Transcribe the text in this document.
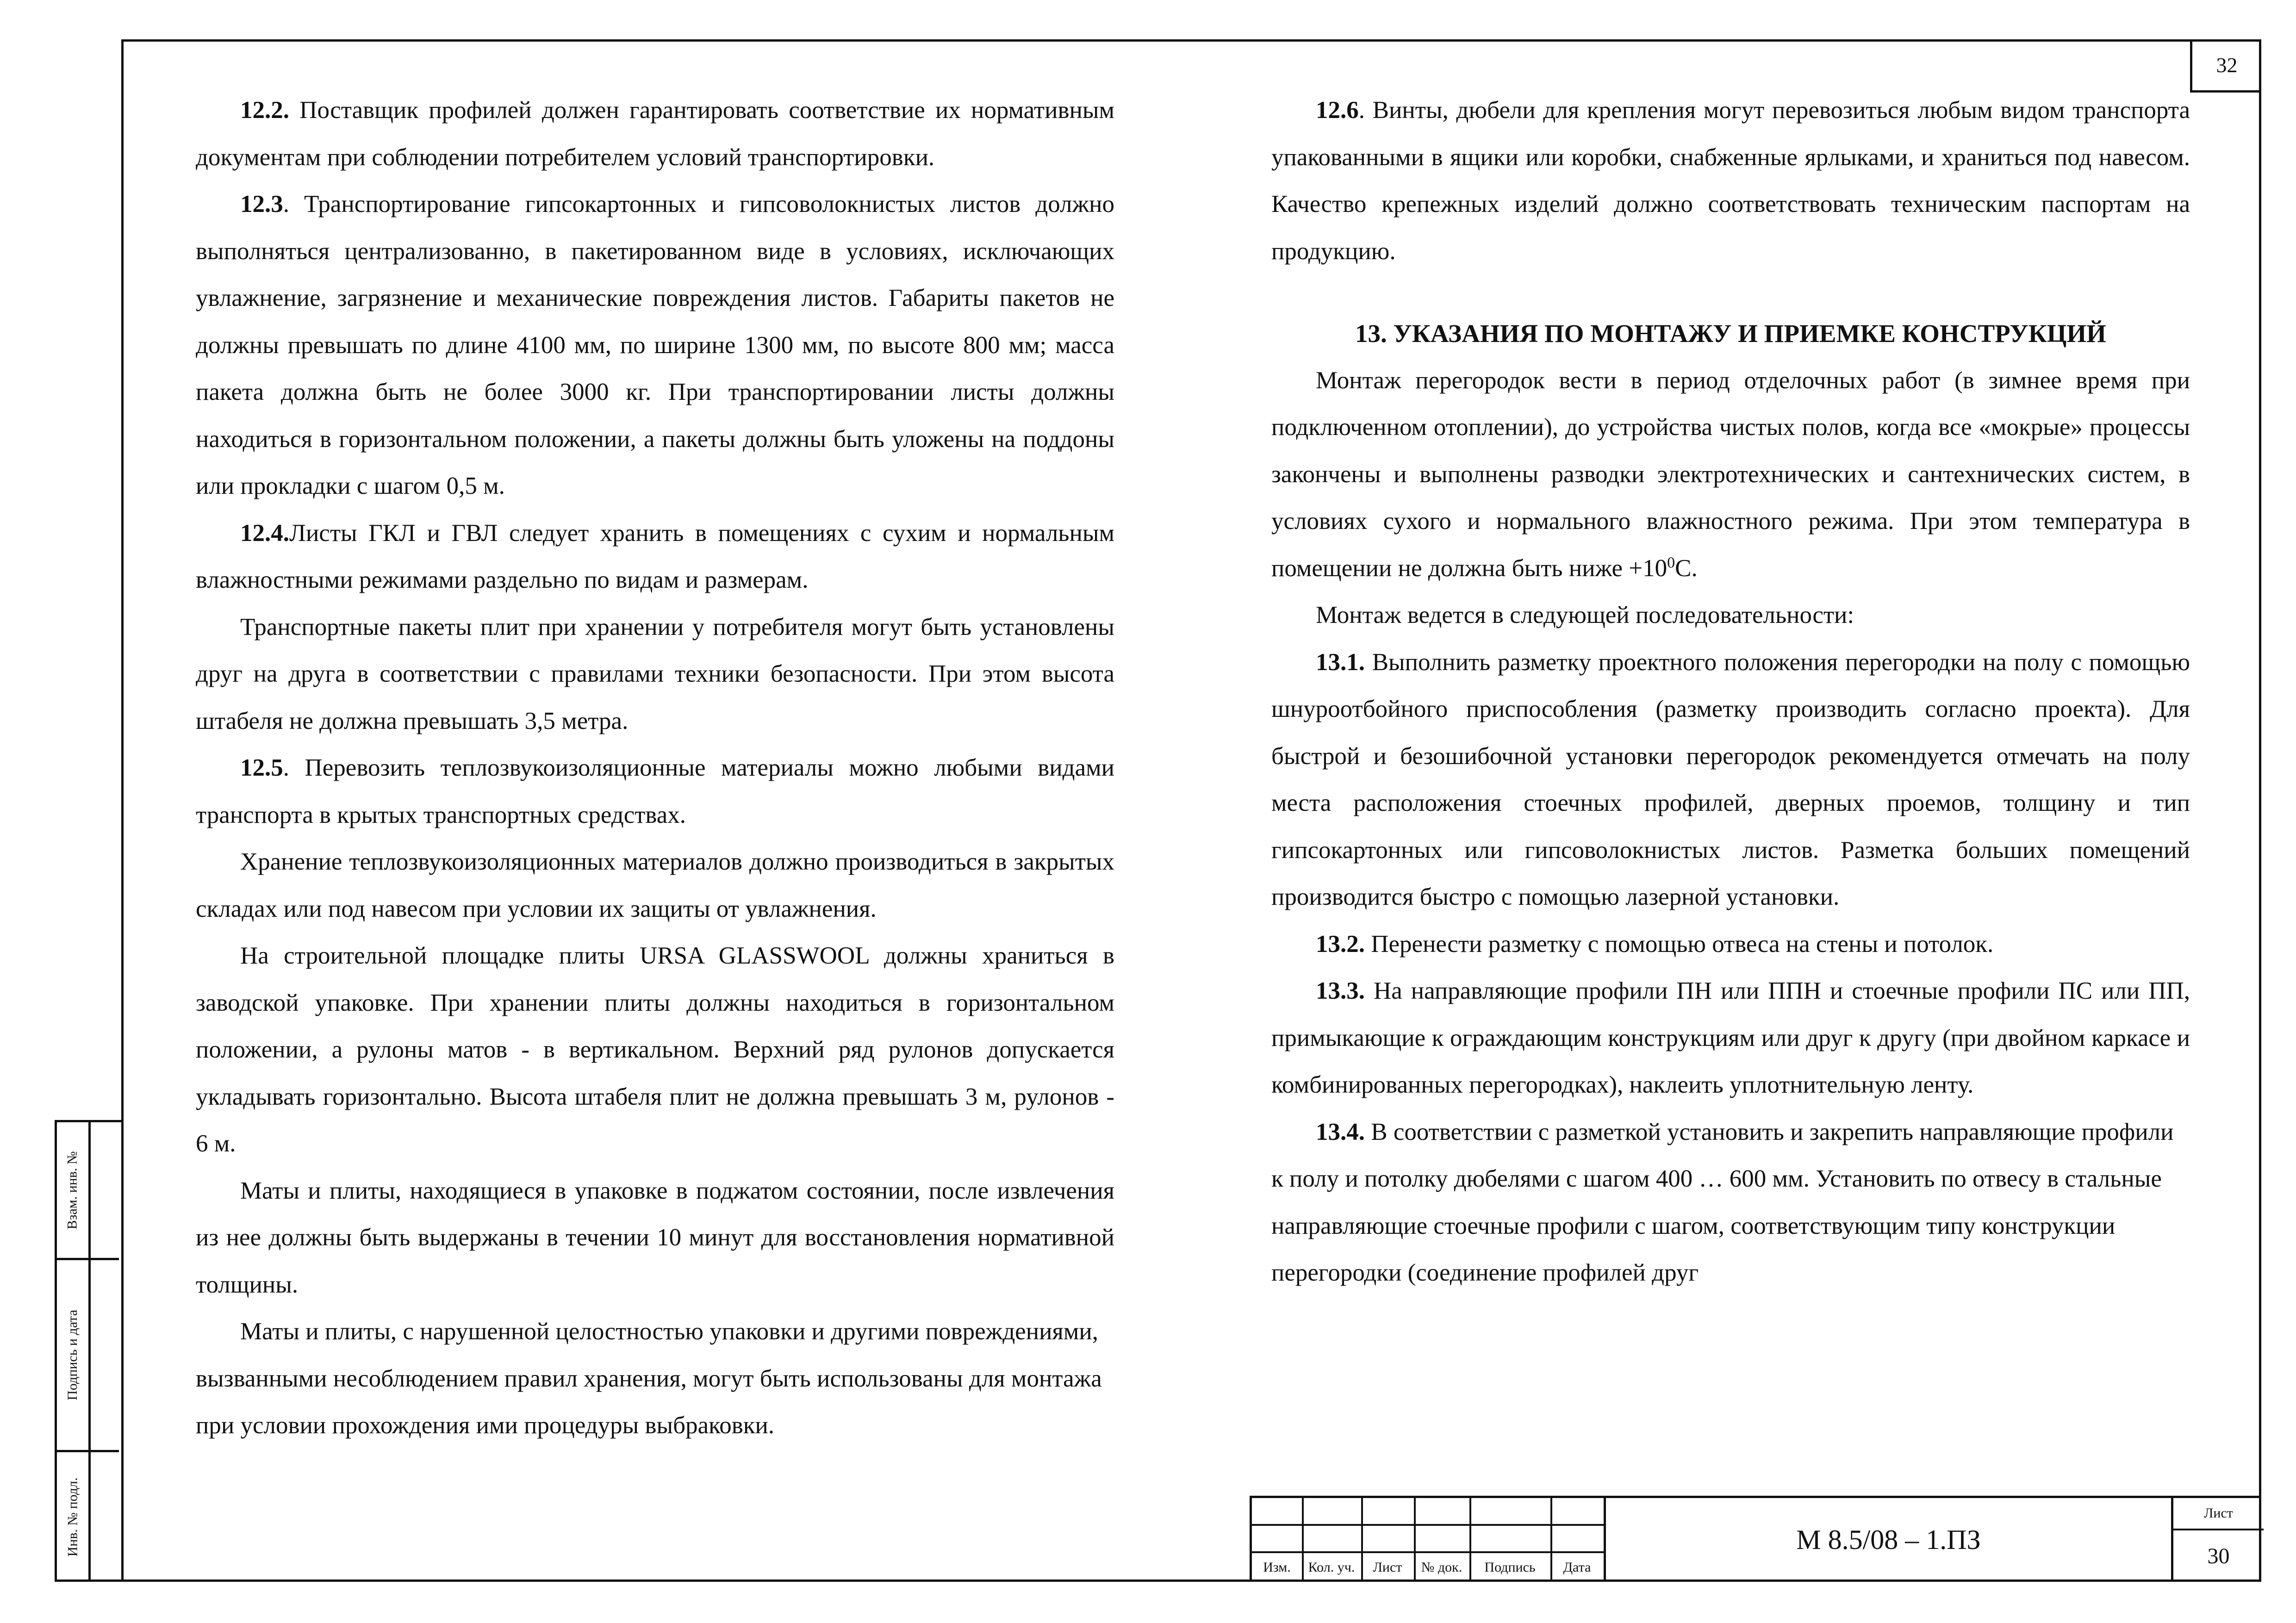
32

12.2. Поставщик профилей должен гарантировать соответствие их нормативным документам при соблюдении потребителем условий транспортировки.

12.3. Транспортирование гипсокартонных и гипсоволокнистых листов должно выполняться централизованно, в пакетированном виде в условиях, исключающих увлажнение, загрязнение и механические повреждения листов. Габариты пакетов не должны превышать по длине 4100 мм, по ширине 1300 мм, по высоте 800 мм; масса пакета должна быть не более 3000 кг. При транспортировании листы должны находиться в горизонтальном положении, а пакеты должны быть уложены на поддоны или прокладки с шагом 0,5 м.

12.4.Листы ГКЛ и ГВЛ следует хранить в помещениях с сухим и нормальным влажностными режимами раздельно по видам и размерам.

Транспортные пакеты плит при хранении у потребителя могут быть установлены друг на друга в соответствии с правилами техники безопасности. При этом высота штабеля не должна превышать 3,5 метра.

12.5. Перевозить теплозвукоизоляционные материалы можно любыми видами транспорта в крытых транспортных средствах.

Хранение теплозвукоизоляционных материалов должно производиться в закрытых складах или под навесом при условии их защиты от увлажнения.

На строительной площадке плиты URSA GLASSWOOL должны храниться в заводской упаковке. При хранении плиты должны находиться в горизонтальном положении, а рулоны матов - в вертикальном. Верхний ряд рулонов допускается укладывать горизонтально. Высота штабеля плит не должна превышать 3 м, рулонов - 6 м.

Маты и плиты, находящиеся в упаковке в поджатом состоянии, после извлечения из нее должны быть выдержаны в течении 10 минут для восстановления нормативной толщины.

Маты и плиты, с нарушенной целостностью упаковки и другими повреждениями, вызванными несоблюдением правил хранения, могут быть использованы для монтажа при условии прохождения ими процедуры выбраковки.

12.6. Винты, дюбели для крепления могут перевозиться любым видом транспорта упакованными в ящики или коробки, снабженные ярлыками, и храниться под навесом. Качество крепежных изделий должно соответствовать техническим паспортам на продукцию.

13. УКАЗАНИЯ ПО МОНТАЖУ И ПРИЕМКЕ КОНСТРУКЦИЙ

Монтаж перегородок вести в период отделочных работ (в зимнее время при подключенном отоплении), до устройства чистых полов, когда все «мокрые» процессы закончены и выполнены разводки электротехнических и сантехнических систем, в условиях сухого и нормального влажностного режима. При этом температура в помещении не должна быть ниже $+10^0С$.

Монтаж ведется в следующей последовательности:

13.1. Выполнить разметку проектного положения перегородки на полу с помощью шнуроотбойного приспособления (разметку производить согласно проекта). Для быстрой и безошибочной установки перегородок рекомендуется отмечать на полу места расположения стоечных профилей, дверных проемов, толщину и тип гипсокартонных или гипсоволокнистых листов. Разметка больших помещений производится быстро с помощью лазерной установки.

13.2. Перенести разметку с помощью отвеса на стены и потолок.

13.3. На направляющие профили ПН или ППН и стоечные профили ПС или ПП, примыкающие к ограждающим конструкциям или друг к другу (при двойном каркасе и комбинированных перегородках), наклеить уплотнительную ленту.

13.4. В соответствии с разметкой установить и закрепить направляющие профили к полу и потолку дюбелями с шагом 400 … 600 мм. Установить по отвесу в стальные направляющие стоечные профили с шагом, соответствующим типу конструкции перегородки (соединение профилей друг

Взам. инв. №
Подпись и дата
Инв. № подл.
Изм.	Кол. уч.	Лист	№ док.	Подпись	Дата
М 8.5/08 – 1.ПЗ
Лист
30
